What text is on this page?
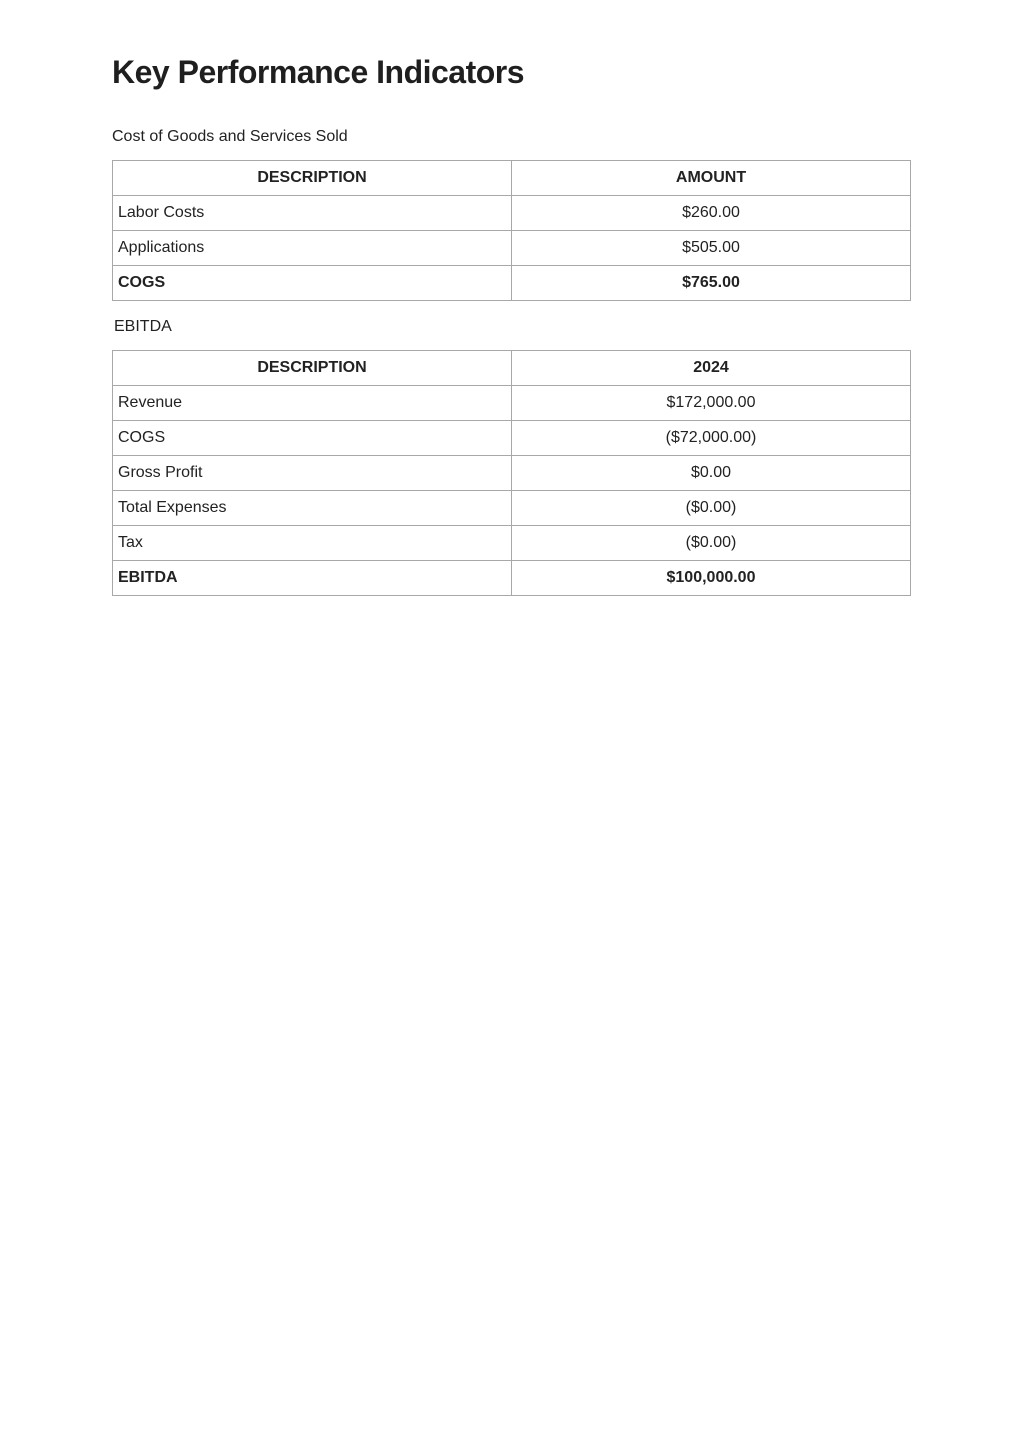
Key Performance Indicators
Cost of Goods and Services Sold
DESCRIPTION	AMOUNT
Labor Costs	$260.00
Applications	$505.00
COGS	$765.00
EBITDA
DESCRIPTION	2024
Revenue	$172,000.00
COGS	($72,000.00)
Gross Profit	$0.00
Total Expenses	($0.00)
Tax	($0.00)
EBITDA	$100,000.00
